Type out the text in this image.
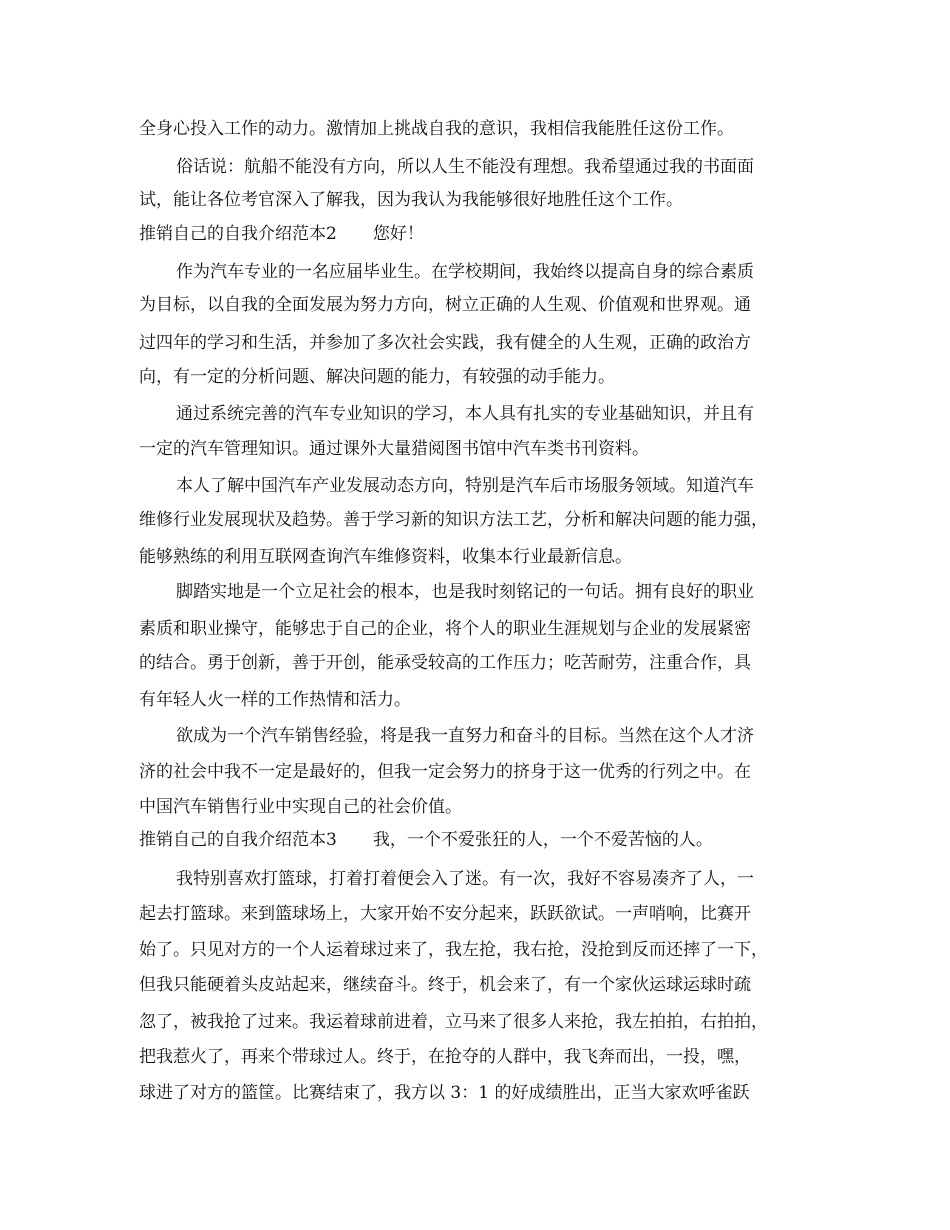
全身心投入工作的动力。激情加上挑战自我的意识，我相信我能胜任这份工作。
俗话说：航船不能没有方向，所以人生不能没有理想。我希望通过我的书面面
试，能让各位考官深入了解我，因为我认为我能够很好地胜任这个工作。
推销自己的自我介绍范本2 您好！
作为汽车专业的一名应届毕业生。在学校期间，我始终以提高自身的综合素质
为目标，以自我的全面发展为努力方向，树立正确的人生观、价值观和世界观。通
过四年的学习和生活，并参加了多次社会实践，我有健全的人生观，正确的政治方
向，有一定的分析问题、解决问题的能力，有较强的动手能力。
通过系统完善的汽车专业知识的学习，本人具有扎实的专业基础知识，并且有
一定的汽车管理知识。通过课外大量猎阅图书馆中汽车类书刊资料。
本人了解中国汽车产业发展动态方向，特别是汽车后市场服务领域。知道汽车
维修行业发展现状及趋势。善于学习新的知识方法工艺，分析和解决问题的能力强，
能够熟练的利用互联网查询汽车维修资料，收集本行业最新信息。
脚踏实地是一个立足社会的根本，也是我时刻铭记的一句话。拥有良好的职业
素质和职业操守，能够忠于自己的企业，将个人的职业生涯规划与企业的发展紧密
的结合。勇于创新，善于开创，能承受较高的工作压力；吃苦耐劳，注重合作，具
有年轻人火一样的工作热情和活力。
欲成为一个汽车销售经验，将是我一直努力和奋斗的目标。当然在这个人才济
济的社会中我不一定是最好的，但我一定会努力的挤身于这一优秀的行列之中。在
中国汽车销售行业中实现自己的社会价值。
推销自己的自我介绍范本3 我，一个不爱张狂的人，一个不爱苦恼的人。
我特别喜欢打篮球，打着打着便会入了迷。有一次，我好不容易凑齐了人，一
起去打篮球。来到篮球场上，大家开始不安分起来，跃跃欲试。一声哨响，比赛开
始了。只见对方的一个人运着球过来了，我左抢，我右抢，没抢到反而还摔了一下，
但我只能硬着头皮站起来，继续奋斗。终于，机会来了，有一个家伙运球运球时疏
忽了，被我抢了过来。我运着球前进着，立马来了很多人来抢，我左拍拍，右拍拍，
把我惹火了，再来个带球过人。终于，在抢夺的人群中，我飞奔而出，一投，嘿，
球进了对方的篮筐。比赛结束了，我方以 3：1 的好成绩胜出，正当大家欢呼雀跃
